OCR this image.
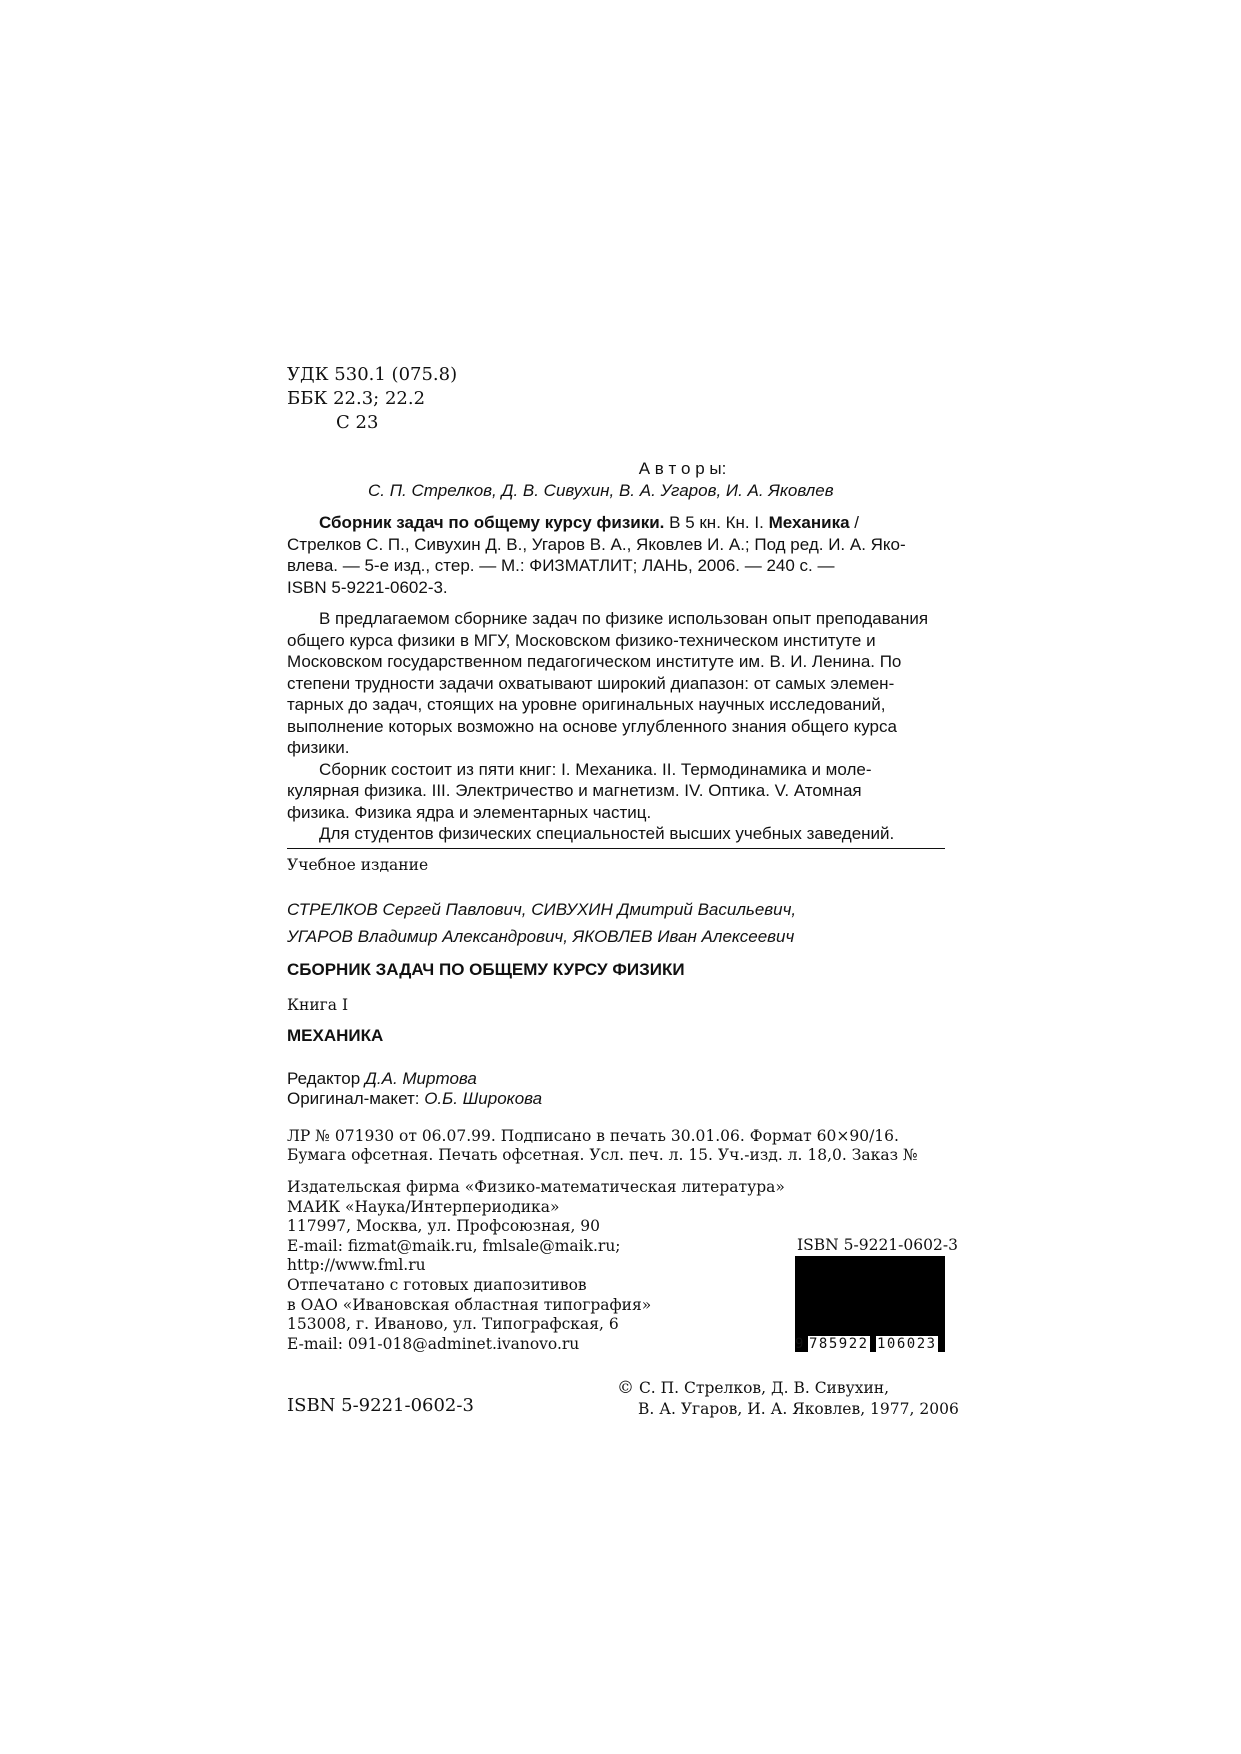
УДК 530.1 (075.8)
ББК 22.3; 22.2
С 23
А в т о р ы:
С. П. Стрелков, Д. В. Сивухин, В. А. Угаров, И. А. Яковлев
Сборник задач по общему курсу физики. В 5 кн. Кн. I. Механика /
Стрелков С. П., Сивухин Д. В., Угаров В. А., Яковлев И. А.; Под ред. И. А. Яко-
влева. — 5-е изд., стер. — М.: ФИЗМАТЛИТ; ЛАНЬ, 2006. — 240 с. —
ISBN 5-9221-0602-3.
В предлагаемом сборнике задач по физике использован опыт преподавания
общего курса физики в МГУ, Московском физико-техническом институте и
Московском государственном педагогическом институте им. В. И. Ленина. По
степени трудности задачи охватывают широкий диапазон: от самых элемен-
тарных до задач, стоящих на уровне оригинальных научных исследований,
выполнение которых возможно на основе углубленного знания общего курса
физики.
Сборник состоит из пяти книг: I. Механика. II. Термодинамика и моле-
кулярная физика. III. Электричество и магнетизм. IV. Оптика. V. Атомная
физика. Физика ядра и элементарных частиц.
Для студентов физических специальностей высших учебных заведений.
Учебное издание
СТРЕЛКОВ Сергей Павлович, СИВУХИН Дмитрий Васильевич,
УГАРОВ Владимир Александрович, ЯКОВЛЕВ Иван Алексеевич
СБОРНИК ЗАДАЧ ПО ОБЩЕМУ КУРСУ ФИЗИКИ
Книга I
МЕХАНИКА
Редактор Д.А. Миртова
Оригинал-макет: О.Б. Широкова
ЛР № 071930 от 06.07.99. Подписано в печать 30.01.06. Формат 60×90/16.
Бумага офсетная. Печать офсетная. Усл. печ. л. 15. Уч.-изд. л. 18,0. Заказ №
Издательская фирма «Физико-математическая литература»
МАИК «Наука/Интерпериодика»
117997, Москва, ул. Профсоюзная, 90
E-mail: fizmat@maik.ru, fmlsale@maik.ru;
http://www.fml.ru
Отпечатано с готовых диапозитивов
в ОАО «Ивановская областная типография»
153008, г. Иваново, ул. Типографская, 6
E-mail: 091-018@adminet.ivanovo.ru
ISBN 5-9221-0602-3
9 785922 106023
ISBN 5-9221-0602-3
© С. П. Стрелков, Д. В. Сивухин,
В. А. Угаров, И. А. Яковлев, 1977, 2006
